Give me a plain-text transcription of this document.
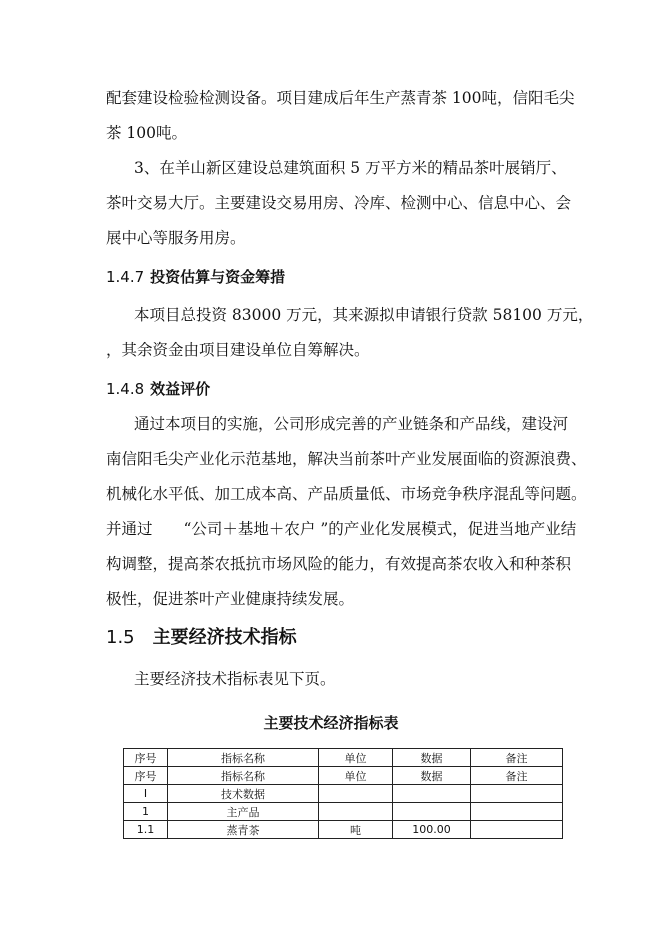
配套建设检验检测设备。项目建成后年生产蒸青茶 100吨，信阳毛尖
茶 100吨。
3、在羊山新区建设总建筑面积 5 万平方米的精品茶叶展销厅、
茶叶交易大厅。主要建设交易用房、冷库、检测中心、信息中心、会
展中心等服务用房。
1.4.7 投资估算与资金筹措
本项目总投资 83000 万元，其来源拟申请银行贷款 58100 万元，
，其余资金由项目建设单位自筹解决。
1.4.8 效益评价
通过本项目的实施，公司形成完善的产业链条和产品线，建设河
南信阳毛尖产业化示范基地，解决当前茶叶产业发展面临的资源浪费、
机械化水平低、加工成本高、产品质量低、市场竞争秩序混乱等问题。
并通过　　“公司＋基地＋农户 ”的产业化发展模式，促进当地产业结
构调整，提高茶农抵抗市场风险的能力，有效提高茶农收入和种茶积
极性，促进茶叶产业健康持续发展。
1.5 主要经济技术指标
主要经济技术指标表见下页。
主要技术经济指标表
序号	指标名称	单位	数据	备注
序号	指标名称	单位	数据	备注
I	技术数据			
1	主产品			
1.1	蒸青茶	吨	100.00	
